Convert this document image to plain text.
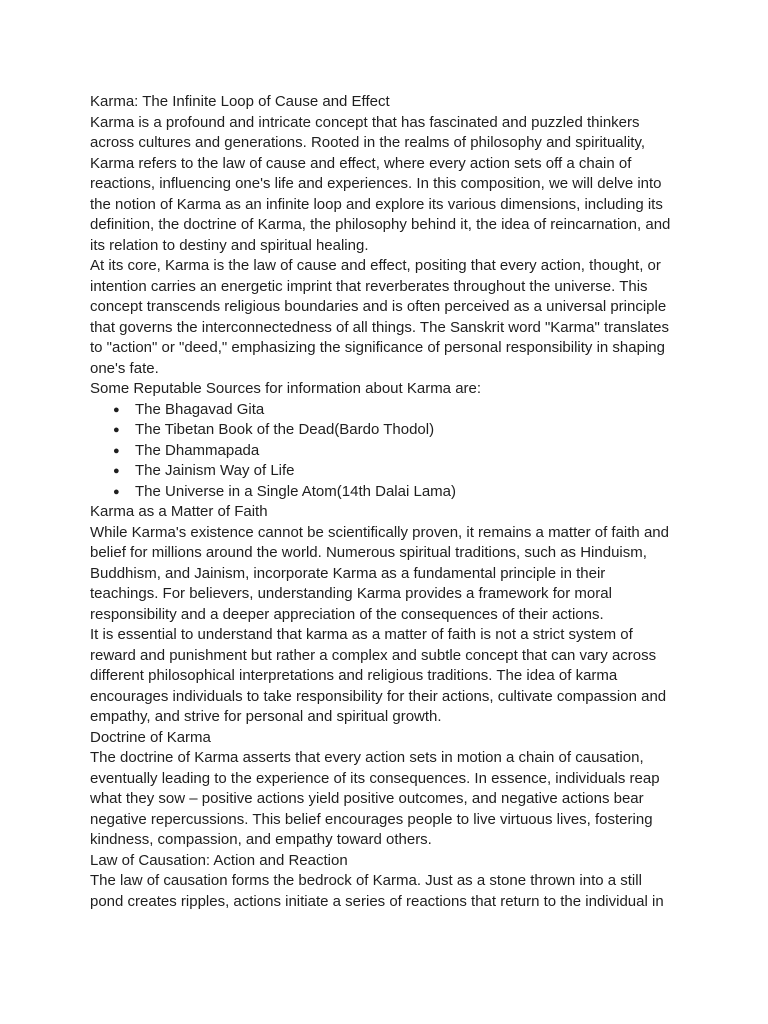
Karma: The Infinite Loop of Cause and Effect

Karma is a profound and intricate concept that has fascinated and puzzled thinkers across cultures and generations. Rooted in the realms of philosophy and spirituality, Karma refers to the law of cause and effect, where every action sets off a chain of reactions, influencing one's life and experiences. In this composition, we will delve into the notion of Karma as an infinite loop and explore its various dimensions, including its definition, the doctrine of Karma, the philosophy behind it, the idea of reincarnation, and its relation to destiny and spiritual healing.

At its core, Karma is the law of cause and effect, positing that every action, thought, or intention carries an energetic imprint that reverberates throughout the universe. This concept transcends religious boundaries and is often perceived as a universal principle that governs the interconnectedness of all things. The Sanskrit word "Karma" translates to "action" or "deed," emphasizing the significance of personal responsibility in shaping one's fate.

Some Reputable Sources for information about Karma are:

● The Bhagavad Gita
● The Tibetan Book of the Dead(Bardo Thodol)
● The Dhammapada
● The Jainism Way of Life
● The Universe in a Single Atom(14th Dalai Lama)

Karma as a Matter of Faith

While Karma's existence cannot be scientifically proven, it remains a matter of faith and belief for millions around the world. Numerous spiritual traditions, such as Hinduism, Buddhism, and Jainism, incorporate Karma as a fundamental principle in their teachings. For believers, understanding Karma provides a framework for moral responsibility and a deeper appreciation of the consequences of their actions.

It is essential to understand that karma as a matter of faith is not a strict system of reward and punishment but rather a complex and subtle concept that can vary across different philosophical interpretations and religious traditions. The idea of karma encourages individuals to take responsibility for their actions, cultivate compassion and empathy, and strive for personal and spiritual growth.

Doctrine of Karma

The doctrine of Karma asserts that every action sets in motion a chain of causation, eventually leading to the experience of its consequences. In essence, individuals reap what they sow – positive actions yield positive outcomes, and negative actions bear negative repercussions. This belief encourages people to live virtuous lives, fostering kindness, compassion, and empathy toward others.

Law of Causation: Action and Reaction

The law of causation forms the bedrock of Karma. Just as a stone thrown into a still pond creates ripples, actions initiate a series of reactions that return to the individual in
